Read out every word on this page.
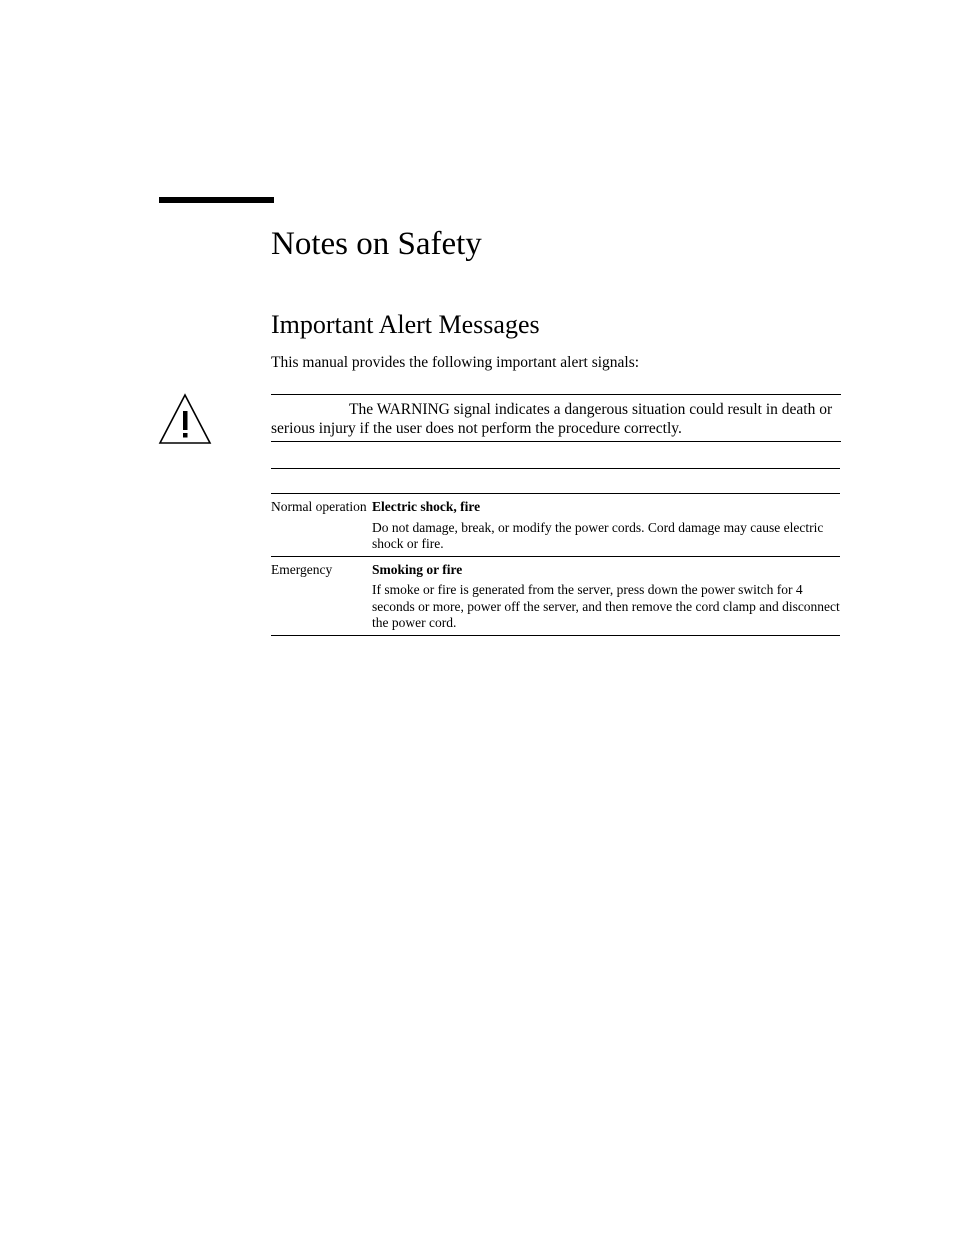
Notes on Safety
Important Alert Messages

This manual provides the following important alert signals:

The WARNING signal indicates a dangerous situation could result in death or serious injury if the user does not perform the procedure correctly.

Normal operation	Electric shock, fire
Do not damage, break, or modify the power cords. Cord damage may cause electric shock or fire.

Emergency	Smoking or fire
If smoke or fire is generated from the server, press down the power switch for 4 seconds or more, power off the server, and then remove the cord clamp and disconnect the power cord.
